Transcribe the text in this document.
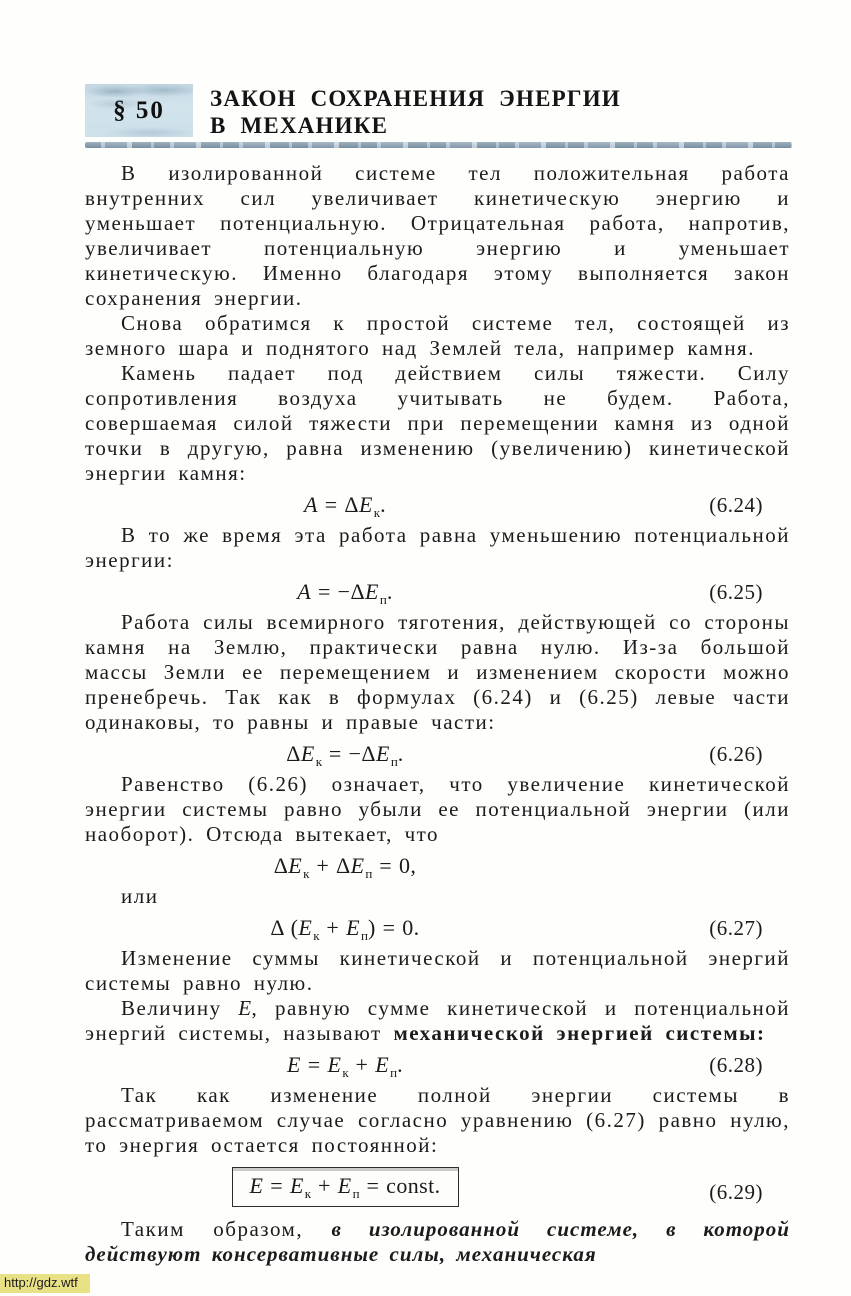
§ 50 ЗАКОН СОХРАНЕНИЯ ЭНЕРГИИ
В МЕХАНИКЕ

В изолированной системе тел положительная работа внутренних сил увеличивает кинетическую энергию и уменьшает потенциальную. Отрицательная работа, напротив, увеличивает потенциальную энергию и уменьшает кинетическую. Именно благодаря этому выполняется закон сохранения энергии.

Снова обратимся к простой системе тел, состоящей из земного шара и поднятого над Землей тела, например камня.

Камень падает под действием силы тяжести. Силу сопротивления воздуха учитывать не будем. Работа, совершаемая силой тяжести при перемещении камня из одной точки в другую, равна изменению (увеличению) кинетической энергии камня:

$A = \Delta E_к$.	(6.24)

В то же время эта работа равна уменьшению потенциальной энергии:

$A = -\Delta E_п$.	(6.25)

Работа силы всемирного тяготения, действующей со стороны камня на Землю, практически равна нулю. Из-за большой массы Земли ее перемещением и изменением скорости можно пренебречь. Так как в формулах (6.24) и (6.25) левые части одинаковы, то равны и правые части:

$\Delta E_к = -\Delta E_п$.	(6.26)

Равенство (6.26) означает, что увеличение кинетической энергии системы равно убыли ее потенциальной энергии (или наоборот). Отсюда вытекает, что

$\Delta E_к + \Delta E_п = 0$,

или

Δ $(E_к + E_п) = 0$.	(6.27)

Изменение суммы кинетической и потенциальной энергий системы равно нулю.

Величину E, равную сумме кинетической и потенциальной энергий системы, называют механической энергией системы:

$E = E_к + E_п$.	(6.28)

Так как изменение полной энергии системы в рассматриваемом случае согласно уравнению (6.27) равно нулю, то энергия остается постоянной:

$E = E_к + E_п$ = const.	(6.29)

Таким образом, в изолированной системе, в которой действуют консервативные силы, механическая

http://gdz.wtf
